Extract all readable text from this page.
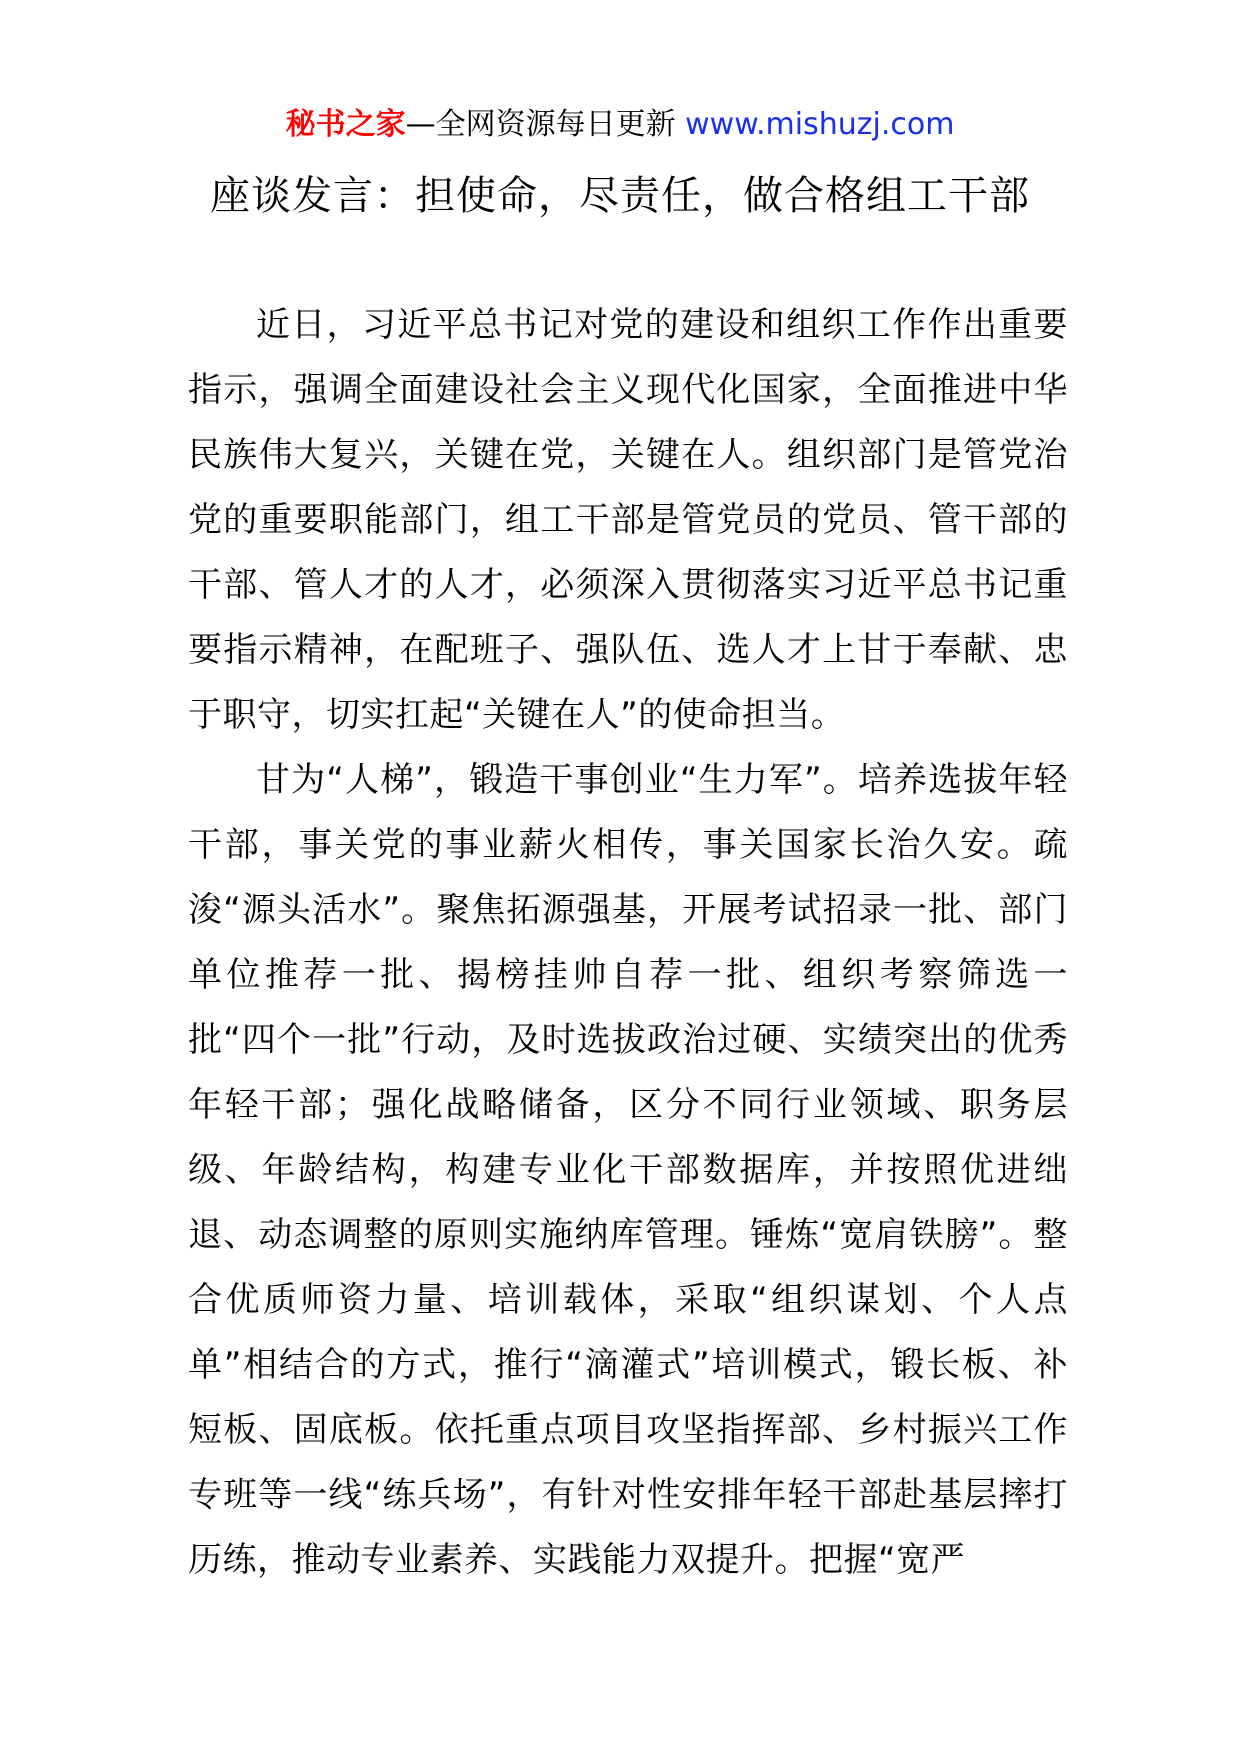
秘书之家—全网资源每日更新 www.mishuzj.com
座谈发言：担使命，尽责任，做合格组工干部

近日，习近平总书记对党的建设和组织工作作出重要指示，强调全面建设社会主义现代化国家，全面推进中华民族伟大复兴，关键在党，关键在人。组织部门是管党治党的重要职能部门，组工干部是管党员的党员、管干部的干部、管人才的人才，必须深入贯彻落实习近平总书记重要指示精神，在配班子、强队伍、选人才上甘于奉献、忠于职守，切实扛起“关键在人”的使命担当。

甘为“人梯”，锻造干事创业“生力军”。培养选拔年轻干部，事关党的事业薪火相传，事关国家长治久安。疏浚“源头活水”。聚焦拓源强基，开展考试招录一批、部门单位推荐一批、揭榜挂帅自荐一批、组织考察筛选一批“四个一批”行动，及时选拔政治过硬、实绩突出的优秀年轻干部；强化战略储备，区分不同行业领域、职务层级、年龄结构，构建专业化干部数据库，并按照优进绌退、动态调整的原则实施纳库管理。锤炼“宽肩铁膀”。整合优质师资力量、培训载体，采取“组织谋划、个人点单”相结合的方式，推行“滴灌式”培训模式，锻长板、补短板、固底板。依托重点项目攻坚指挥部、乡村振兴工作专班等一线“练兵场”，有针对性安排年轻干部赴基层摔打历练，推动专业素养、实践能力双提升。把握“宽严
